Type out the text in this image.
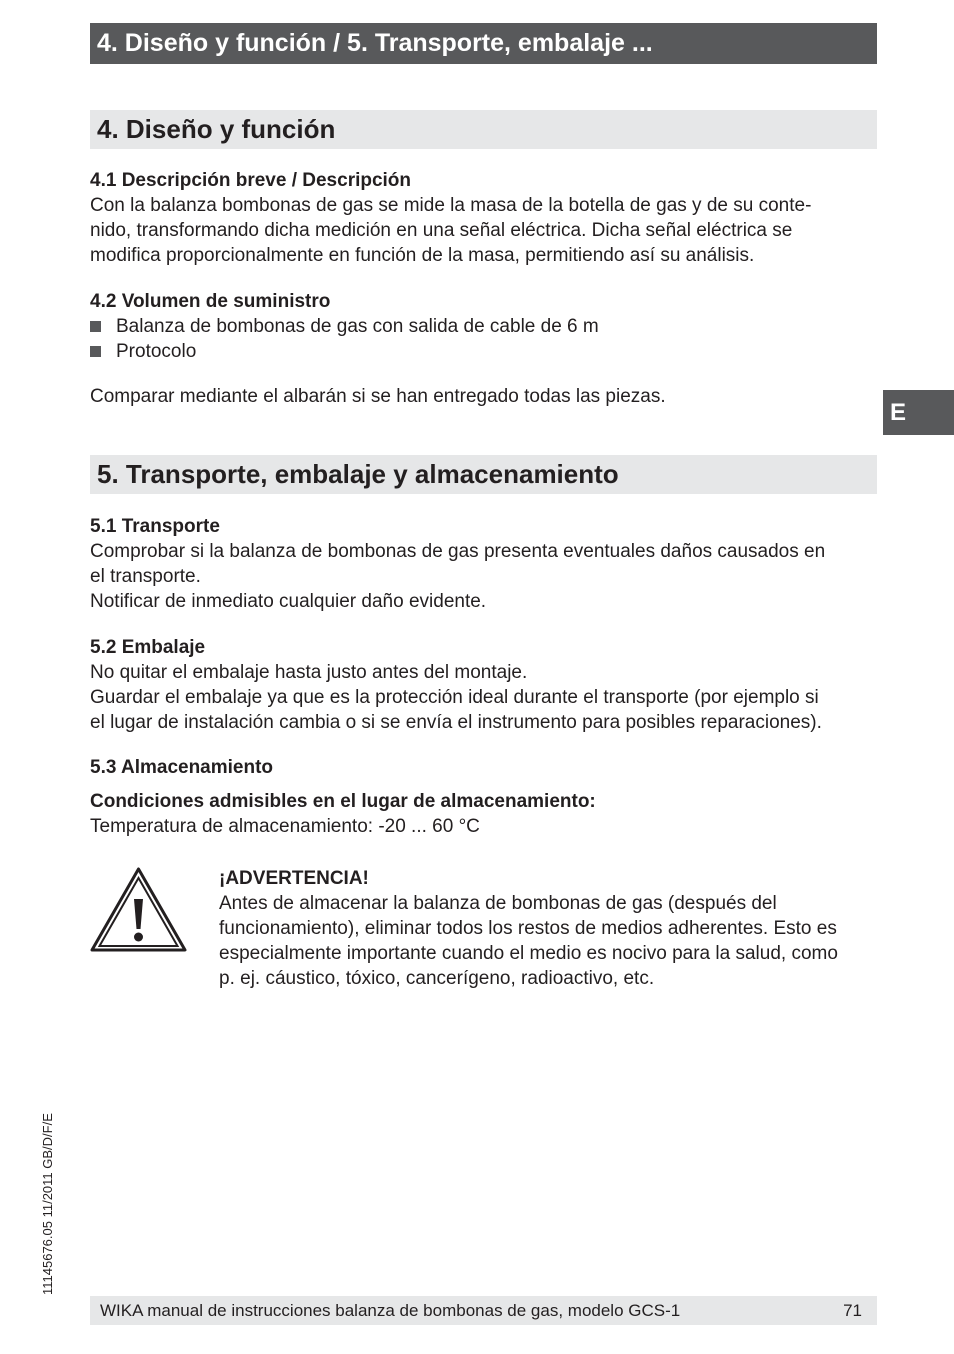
4. Diseño y función / 5. Transporte, embalaje ...
4. Diseño y función

4.1 Descripción breve / Descripción

Con la balanza bombonas de gas se mide la masa de la botella de gas y de su conte-

nido, transformando dicha medición en una señal eléctrica. Dicha señal eléctrica se

modifica proporcionalmente en función de la masa, permitiendo así su análisis.

4.2 Volumen de suministro

Balanza de bombonas de gas con salida de cable de 6 m
Protocolo

Comparar mediante el albarán si se han entregado todas las piezas.

E
5. Transporte, embalaje y almacenamiento

5.1 Transporte

Comprobar si la balanza de bombonas de gas presenta eventuales daños causados en

el transporte.

Notificar de inmediato cualquier daño evidente.

5.2 Embalaje

No quitar el embalaje hasta justo antes del montaje.

Guardar el embalaje ya que es la protección ideal durante el transporte (por ejemplo si

el lugar de instalación cambia o si se envía el instrumento para posibles reparaciones).

5.3 Almacenamiento

Condiciones admisibles en el lugar de almacenamiento:

Temperatura de almacenamiento: -20 ... 60 °C

¡ADVERTENCIA!

Antes de almacenar la balanza de bombonas de gas (después del

funcionamiento), eliminar todos los restos de medios adherentes. Esto es

especialmente importante cuando el medio es nocivo para la salud, como

p. ej. cáustico, tóxico, cancerígeno, radioactivo, etc.

11145676.05 11/2011 GB/D/F/E
WIKA manual de instrucciones balanza de bombonas de gas, modelo GCS-1	71
